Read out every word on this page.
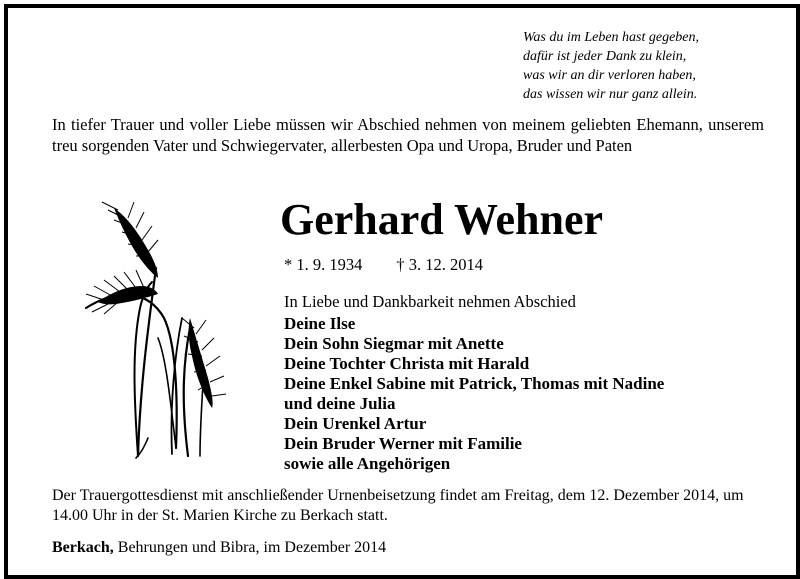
Was du im Leben hast gegeben,
dafür ist jeder Dank zu klein,
was wir an dir verloren haben,
das wissen wir nur ganz allein.
In tiefer Trauer und voller Liebe müssen wir Abschied nehmen von meinem geliebten Ehemann, unserem treu sorgenden Vater und Schwiegervater, allerbesten Opa und Uropa, Bruder und Paten
Gerhard Wehner
* 1. 9. 1934 † 3. 12. 2014
In Liebe und Dankbarkeit nehmen Abschied
Deine Ilse
Dein Sohn Siegmar mit Anette
Deine Tochter Christa mit Harald
Deine Enkel Sabine mit Patrick, Thomas mit Nadine
und deine Julia
Dein Urenkel Artur
Dein Bruder Werner mit Familie
sowie alle Angehörigen
Der Trauergottesdienst mit anschließender Urnenbeisetzung findet am Freitag, dem 12. Dezember 2014, um 14.00 Uhr in der St. Marien Kirche zu Berkach statt.
Berkach, Behrungen und Bibra, im Dezember 2014
